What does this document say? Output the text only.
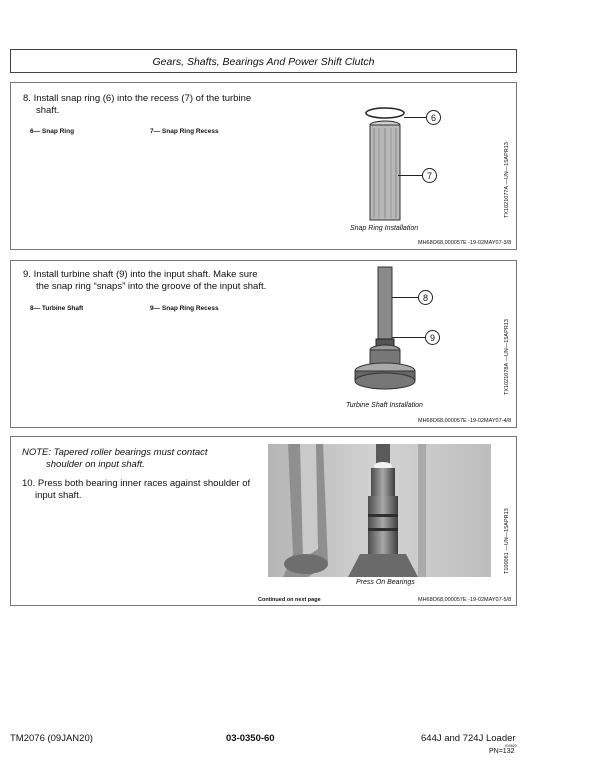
Gears, Shafts, Bearings And Power Shift Clutch
8. Install snap ring (6) into the recess (7) of the turbine
shaft.
6— Snap Ring	7— Snap Ring Recess
6
7	TX1021077A —UN—15APR13
Snap Ring Installation
MH68O68,000057E -19-02MAY07-3/8
9. Install turbine shaft (9) into the input shaft. Make sure
the snap ring “snaps” into the groove of the input shaft.
8— Turbine Shaft	9— Snap Ring Recess
8
9	TX1021078A —UN—15APR13
Turbine Shaft Installation
MH68O68,000057E -19-02MAY07-4/8
NOTE: Tapered roller bearings must contact
shoulder on input shaft.
10. Press both bearing inner races against shoulder of
input shaft.
T100061 —UN—15APR13
Press On Bearings
Continued on next page	MH68O68,000057E -19-02MAY07-5/8
TM2076 (09JAN20)	03-0350-60	644J and 724J Loader
010620
PN=132
